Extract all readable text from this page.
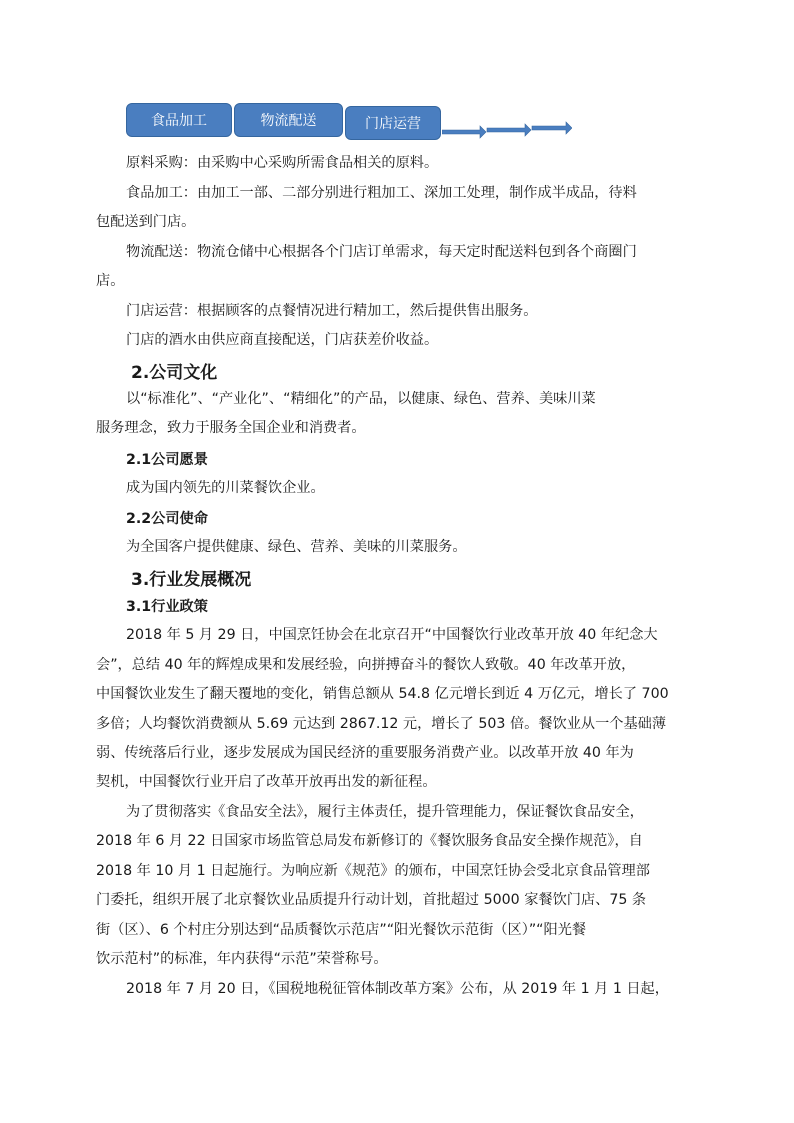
食品加工	物流配送	门店运营
原料采购：由采购中心采购所需食品相关的原料。
食品加工：由加工一部、二部分别进行粗加工、深加工处理，制作成半成品，待料
包配送到门店。
物流配送：物流仓储中心根据各个门店订单需求，每天定时配送料包到各个商圈门
店。
门店运营：根据顾客的点餐情况进行精加工，然后提供售出服务。
门店的酒水由供应商直接配送，门店获差价收益。
2.公司文化
以“标准化”、“产业化”、“精细化”的产品，以健康、绿色、营养、美味川菜
服务理念，致力于服务全国企业和消费者。
2.1公司愿景
成为国内领先的川菜餐饮企业。
2.2公司使命
为全国客户提供健康、绿色、营养、美味的川菜服务。
3.行业发展概况
3.1行业政策
2018 年 5 月 29 日，中国烹饪协会在北京召开“中国餐饮行业改革开放 40 年纪念大
会”，总结 40 年的辉煌成果和发展经验，向拼搏奋斗的餐饮人致敬。40 年改革开放，
中国餐饮业发生了翻天覆地的变化，销售总额从 54.8 亿元增长到近 4 万亿元，增长了 700
多倍；人均餐饮消费额从 5.69 元达到 2867.12 元，增长了 503 倍。餐饮业从一个基础薄
弱、传统落后行业，逐步发展成为国民经济的重要服务消费产业。以改革开放 40 年为
契机，中国餐饮行业开启了改革开放再出发的新征程。
为了贯彻落实《食品安全法》，履行主体责任，提升管理能力，保证餐饮食品安全，
2018 年 6 月 22 日国家市场监管总局发布新修订的《餐饮服务食品安全操作规范》，自
2018 年 10 月 1 日起施行。为响应新《规范》的颁布，中国烹饪协会受北京食品管理部
门委托，组织开展了北京餐饮业品质提升行动计划，首批超过 5000 家餐饮门店、75 条
街（区）、6 个村庄分别达到“品质餐饮示范店”“阳光餐饮示范街（区）”“阳光餐
饮示范村”的标准，年内获得“示范”荣誉称号。
2018 年 7 月 20 日，《国税地税征管体制改革方案》公布，从 2019 年 1 月 1 日起，
